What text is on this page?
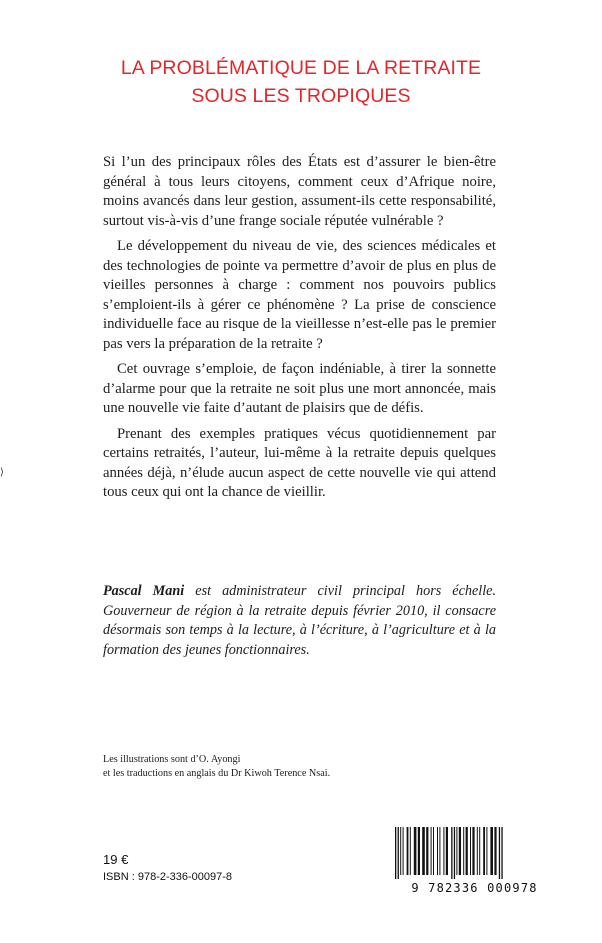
LA PROBLÉMATIQUE DE LA RETRAITE
SOUS LES TROPIQUES

Si l’un des principaux rôles des États est d’assurer le bien-être général à tous leurs citoyens, comment ceux d’Afrique noire, moins avancés dans leur gestion, assument-ils cette responsabilité, surtout vis-à-vis d’une frange sociale réputée vulnérable ?

Le développement du niveau de vie, des sciences médicales et des technologies de pointe va permettre d’avoir de plus en plus de vieilles personnes à charge : comment nos pouvoirs publics s’emploient-ils à gérer ce phénomène ? La prise de conscience individuelle face au risque de la vieillesse n’est-elle pas le premier pas vers la préparation de la retraite ?

Cet ouvrage s’emploie, de façon indéniable, à tirer la sonnette d’alarme pour que la retraite ne soit plus une mort annoncée, mais une nouvelle vie faite d’autant de plaisirs que de défis.

Prenant des exemples pratiques vécus quotidiennement par certains retraités, l’auteur, lui-même à la retraite depuis quelques années déjà, n’élude aucun aspect de cette nouvelle vie qui attend tous ceux qui ont la chance de vieillir.

Pascal Mani est administrateur civil principal hors échelle. Gouverneur de région à la retraite depuis février 2010, il consacre désormais son temps à la lecture, à l’écriture, à l’agriculture et à la formation des jeunes fonctionnaires.

Les illustrations sont d’O. Ayongi
et les traductions en anglais du Dr Kiwoh Terence Nsai.
19 €
ISBN : 978-2-336-00097-8
9 782336 000978
⟩
